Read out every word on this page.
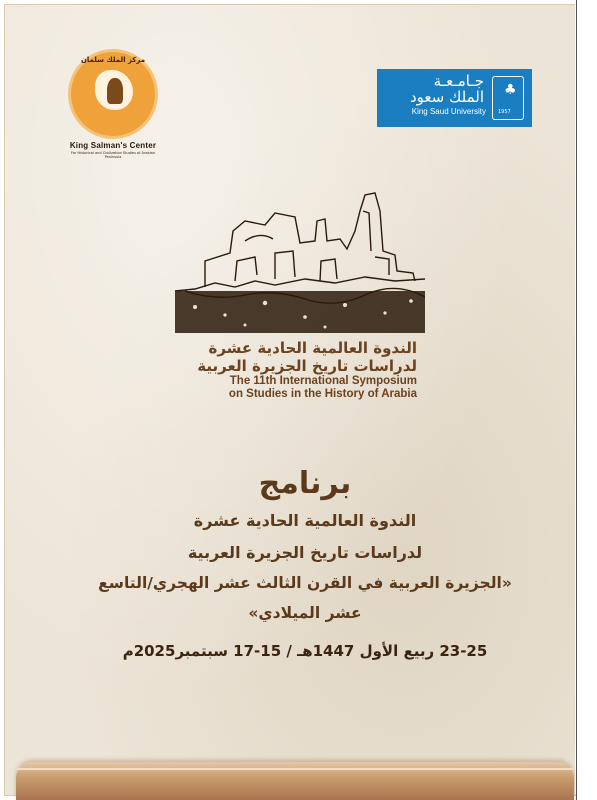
مركز الملك سلمان
King Salman's Center
For Historical and Civilization Studies of Arabian Peninsula
جـامـعـة
الملك سعود
King Saud University
♣
1957
الندوة العالمية الحادية عشرة
لدراسات تاريخ الجزيرة العربية
The 11th International Symposium
on Studies in the History of Arabia
برنامج
الندوة العالمية الحادية عشرة
لدراسات تاريخ الجزيرة العربية
«الجزيرة العربية في القرن الثالث عشر الهجري/التاسع
عشر الميلادي»
23-25 ربيع الأول 1447هـ / 15-17 سبتمبر2025م
